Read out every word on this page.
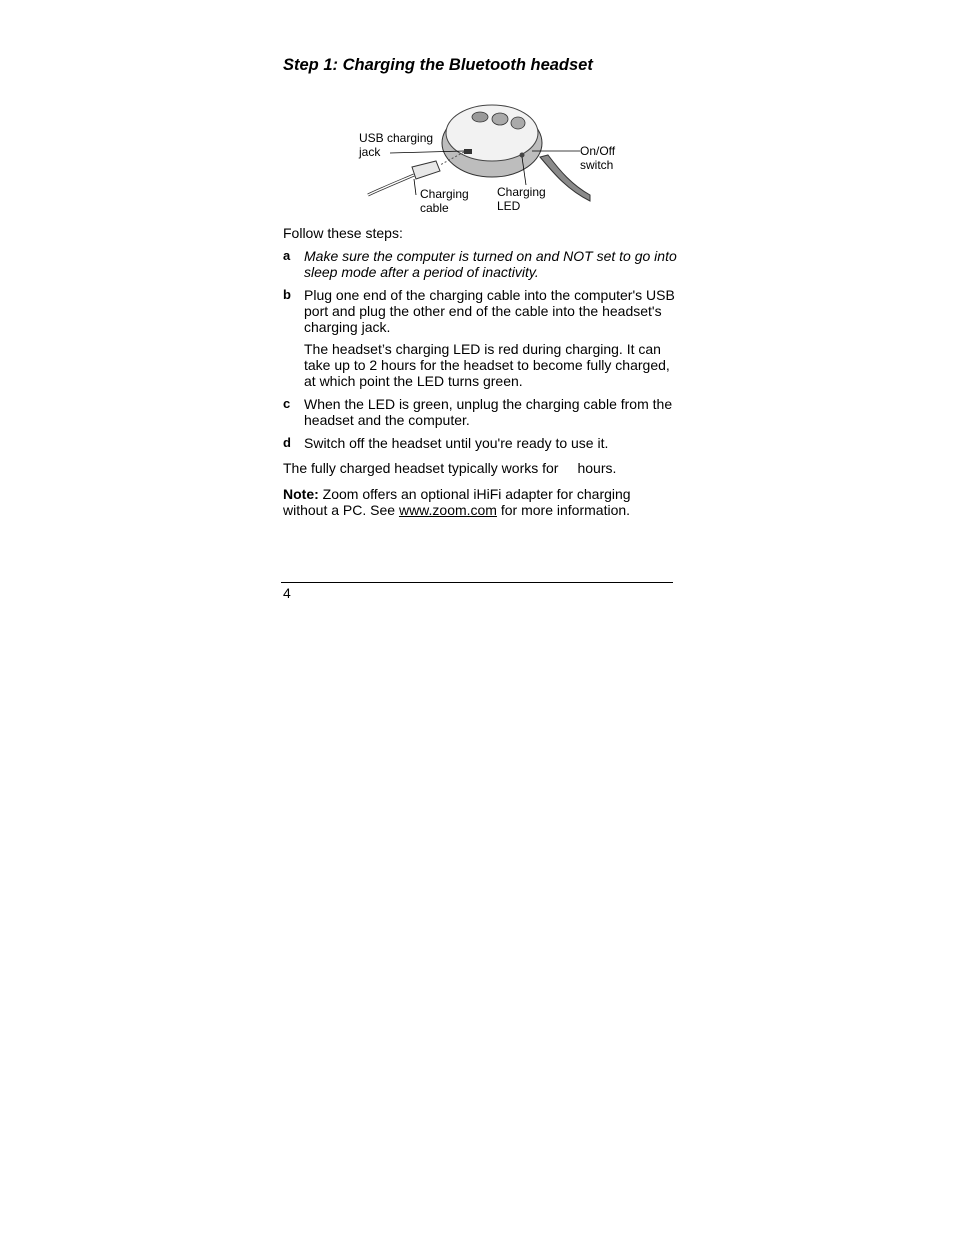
Step 1: Charging the Bluetooth headset
USB charging
jack	On/Off
switch
Charging
cable
Charging
LED

Follow these steps:

a Make sure the computer is turned on and NOT set to go into sleep mode after a period of inactivity.
b Plug one end of the charging cable into the computer's USB port and plug the other end of the cable into the headset's charging jack.
The headset’s charging LED is red during charging. It can take up to 2 hours for the headset to become fully charged, at which point the LED turns green.
c When the LED is green, unplug the charging cable from the headset and the computer.
d Switch off the headset until you're ready to use it.

The fully charged headset typically works for hours.

Note: Zoom offers an optional iHiFi adapter for charging without a PC. See www.zoom.com for more information.

4
